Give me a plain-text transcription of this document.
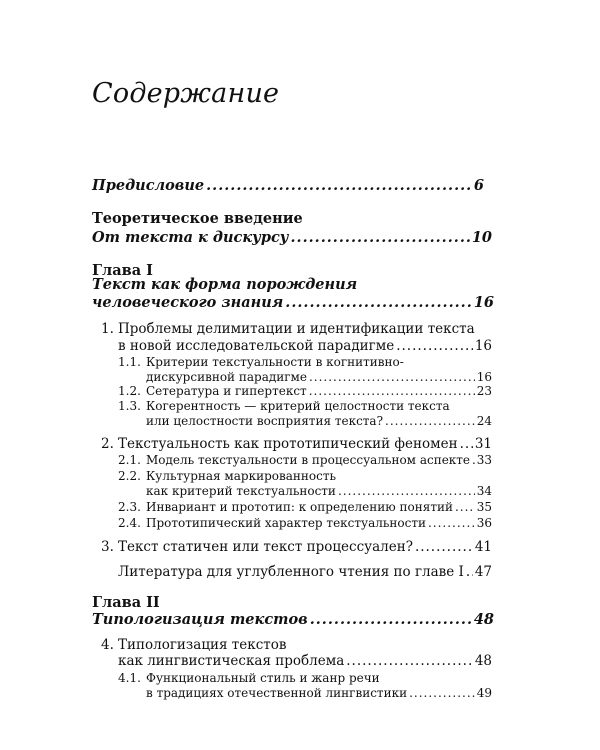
Содержание
Предисловие .....	6
Теоретическое введение
От текста к дискурсу .....	10
Глава I
Текст как форма порождения
человеческого знания .....	16
1. Проблемы делимитации и идентификации текста
в новой исследовательской парадигме .....	16
1.1. Критерии текстуальности в когнитивно-
дискурсивной парадигме .....	16
1.2. Сетература и гипертекст .....	23
1.3. Когерентность — критерий целостности текста
или целостности восприятия текста? .....	24
2. Текстуальность как прототипический феномен ..... 31
2.1. Модель текстуальности в процессуальном аспекте ..... 33
2.2. Культурная маркированность
как критерий текстуальности .....	34
2.3. Инвариант и прототип: к определению понятий ..... 35
2.4. Прототипический характер текстуальности .....	36
3. Текст статичен или текст процессуален? .....	41
Литература для углубленного чтения по главе I ..... 47
Глава II
Типологизация текстов .....	48
4. Типологизация текстов
как лингвистическая проблема .....	48
4.1. Функциональный стиль и жанр речи
в традициях отечественной лингвистики .....	49
